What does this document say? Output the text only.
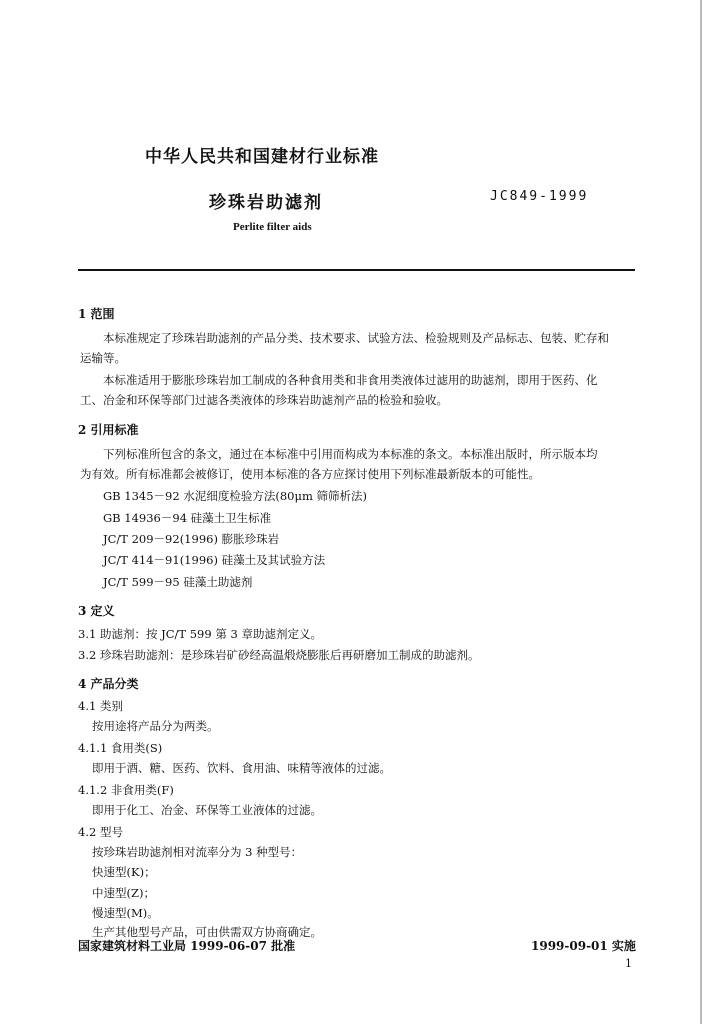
中华人民共和国建材行业标准
珍珠岩助滤剂	JC849-1999
Perlite filter aids
1 范围
本标准规定了珍珠岩助滤剂的产品分类、技术要求、试验方法、检验规则及产品标志、包装、贮存和
运输等。
本标准适用于膨胀珍珠岩加工制成的各种食用类和非食用类液体过滤用的助滤剂，即用于医药、化
工、冶金和环保等部门过滤各类液体的珍珠岩助滤剂产品的检验和验收。
2 引用标准
下列标准所包含的条文，通过在本标准中引用而构成为本标准的条文。本标准出版时，所示版本均
为有效。所有标准都会被修订，使用本标准的各方应探讨使用下列标准最新版本的可能性。
GB 1345－92 水泥细度检验方法(80μm 筛筛析法)
GB 14936－94 硅藻土卫生标准
JC/T 209－92(1996) 膨胀珍珠岩
JC/T 414－91(1996) 硅藻土及其试验方法
JC/T 599－95 硅藻土助滤剂
3 定义
3.1 助滤剂：按 JC/T 599 第 3 章助滤剂定义。
3.2 珍珠岩助滤剂：是珍珠岩矿砂经高温煅烧膨胀后再研磨加工制成的助滤剂。
4 产品分类
4.1 类别
按用途将产品分为两类。
4.1.1 食用类(S)
即用于酒、糖、医药、饮料、食用油、味精等液体的过滤。
4.1.2 非食用类(F)
即用于化工、冶金、环保等工业液体的过滤。
4.2 型号
按珍珠岩助滤剂相对流率分为 3 种型号：
快速型(K)；
中速型(Z)；
慢速型(M)。
生产其他型号产品，可由供需双方协商确定。
国家建筑材料工业局 1999-06-07 批准	1999-09-01 实施
1
